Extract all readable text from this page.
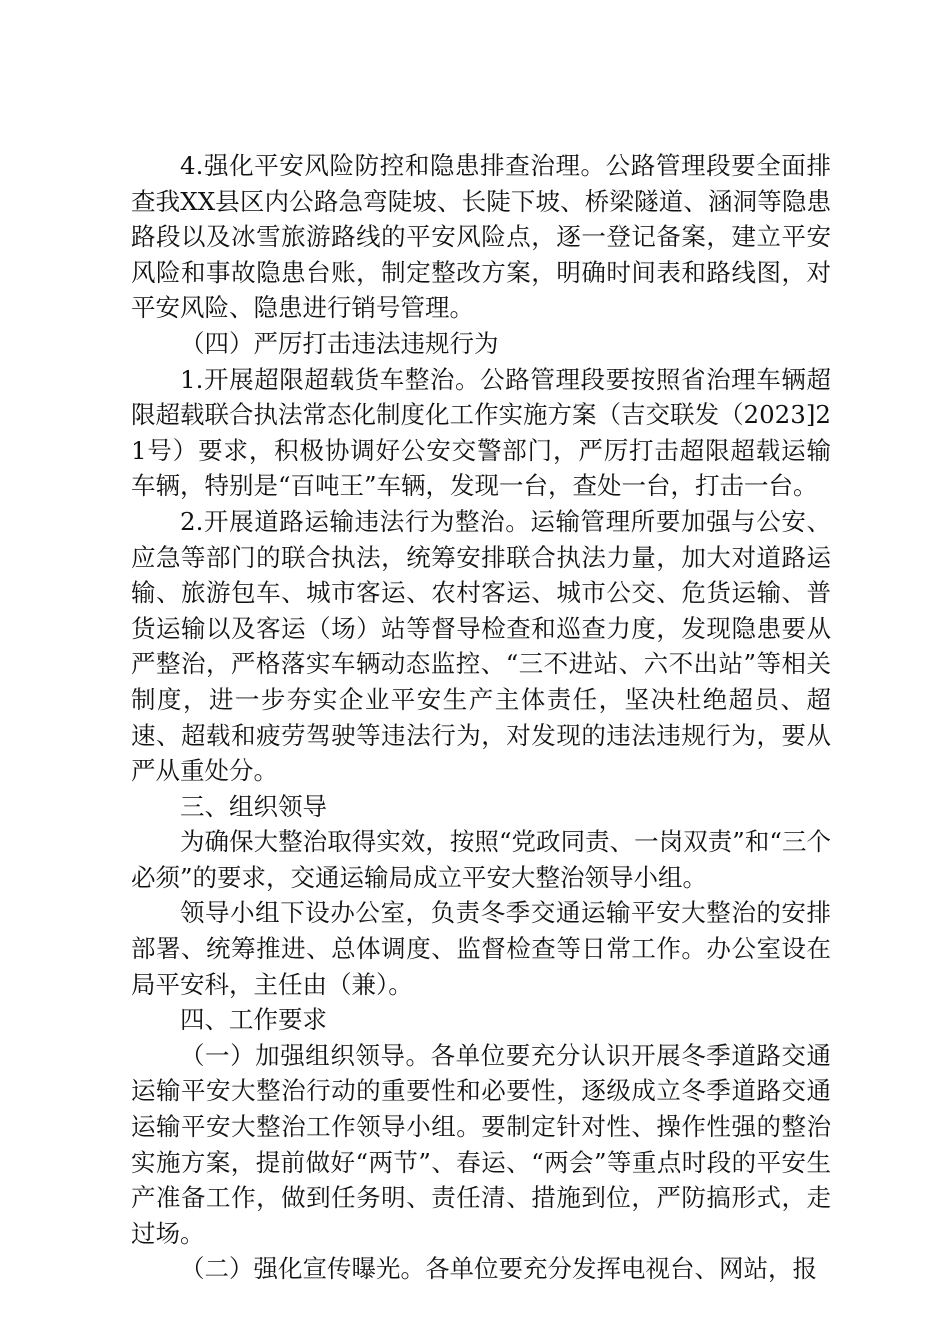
4.强化平安风险防控和隐患排查治理。公路管理段要全面排查我XX县区内公路急弯陡坡、长陡下坡、桥梁隧道、涵洞等隐患路段以及冰雪旅游路线的平安风险点，逐一登记备案，建立平安风险和事故隐患台账，制定整改方案，明确时间表和路线图，对平安风险、隐患进行销号管理。

（四）严厉打击违法违规行为

1.开展超限超载货车整治。公路管理段要按照省治理车辆超限超载联合执法常态化制度化工作实施方案（吉交联发（2023]21号）要求，积极协调好公安交警部门，严厉打击超限超载运输车辆，特别是“百吨王”车辆，发现一台，查处一台，打击一台。

2.开展道路运输违法行为整治。运输管理所要加强与公安、应急等部门的联合执法，统筹安排联合执法力量，加大对道路运输、旅游包车、城市客运、农村客运、城市公交、危货运输、普货运输以及客运（场）站等督导检查和巡查力度，发现隐患要从严整治，严格落实车辆动态监控、“三不进站、六不出站”等相关制度，进一步夯实企业平安生产主体责任，坚决杜绝超员、超速、超载和疲劳驾驶等违法行为，对发现的违法违规行为，要从严从重处分。

三、组织领导

为确保大整治取得实效，按照“党政同责、一岗双责”和“三个必须”的要求，交通运输局成立平安大整治领导小组。

领导小组下设办公室，负责冬季交通运输平安大整治的安排部署、统筹推进、总体调度、监督检查等日常工作。办公室设在局平安科，主任由（兼）。

四、工作要求

（一）加强组织领导。各单位要充分认识开展冬季道路交通运输平安大整治行动的重要性和必要性，逐级成立冬季道路交通运输平安大整治工作领导小组。要制定针对性、操作性强的整治实施方案，提前做好“两节”、春运、“两会”等重点时段的平安生产准备工作，做到任务明、责任清、措施到位，严防搞形式，走过场。

（二）强化宣传曝光。各单位要充分发挥电视台、网站，报
